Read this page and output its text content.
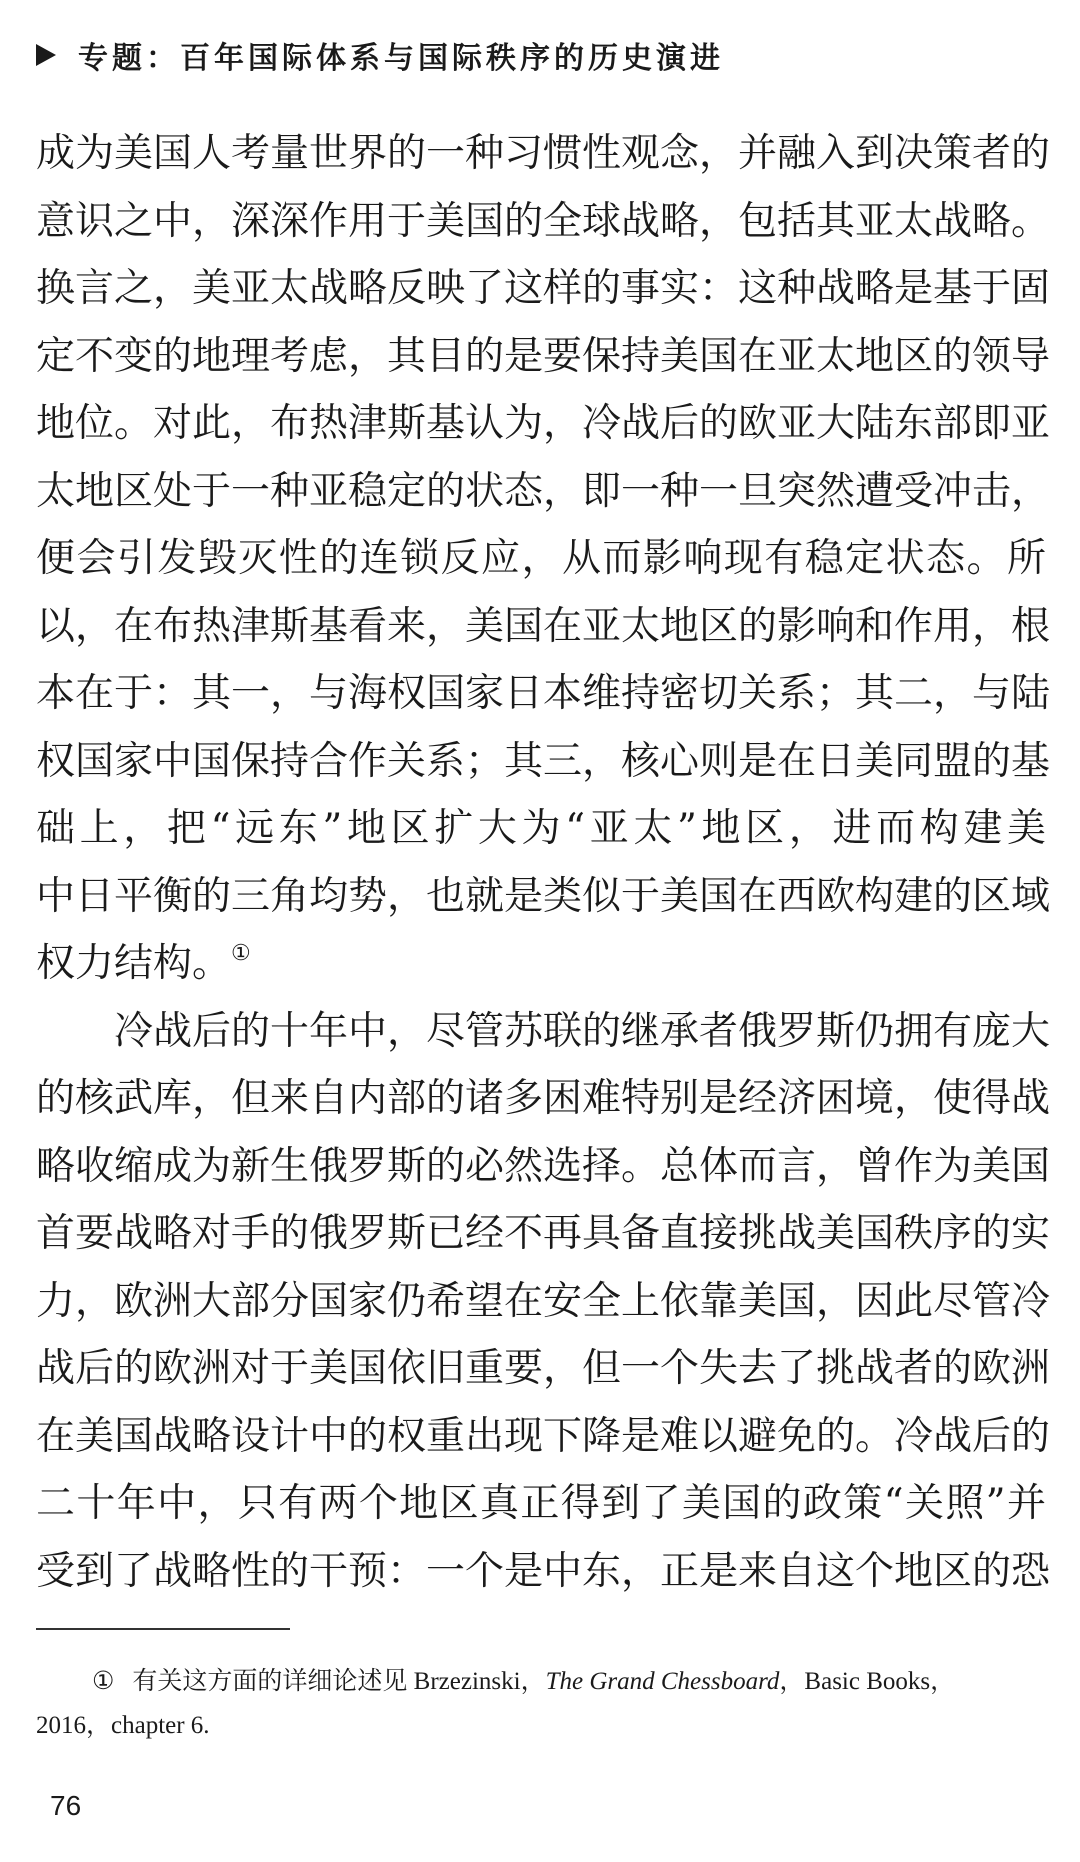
专题：百年国际体系与国际秩序的历史演进
成为美国人考量世界的一种习惯性观念，并融入到决策者的
意识之中，深深作用于美国的全球战略，包括其亚太战略。
换言之，美亚太战略反映了这样的事实：这种战略是基于固
定不变的地理考虑，其目的是要保持美国在亚太地区的领导
地位。对此，布热津斯基认为，冷战后的欧亚大陆东部即亚
太地区处于一种亚稳定的状态，即一种一旦突然遭受冲击，
便会引发毁灭性的连锁反应，从而影响现有稳定状态。所
以，在布热津斯基看来，美国在亚太地区的影响和作用，根
本在于：其一，与海权国家日本维持密切关系；其二，与陆
权国家中国保持合作关系；其三，核心则是在日美同盟的基
础上，把“远东”地区扩大为“亚太”地区，进而构建美
中日平衡的三角均势，也就是类似于美国在西欧构建的区域
权力结构。①
冷战后的十年中，尽管苏联的继承者俄罗斯仍拥有庞大
的核武库，但来自内部的诸多困难特别是经济困境，使得战
略收缩成为新生俄罗斯的必然选择。总体而言，曾作为美国
首要战略对手的俄罗斯已经不再具备直接挑战美国秩序的实
力，欧洲大部分国家仍希望在安全上依靠美国，因此尽管冷
战后的欧洲对于美国依旧重要，但一个失去了挑战者的欧洲
在美国战略设计中的权重出现下降是难以避免的。冷战后的
二十年中，只有两个地区真正得到了美国的政策“关照”并
受到了战略性的干预：一个是中东，正是来自这个地区的恐
① 有关这方面的详细论述见 Brzezinski，The Grand Chessboard，Basic Books，
2016，chapter 6.
76
